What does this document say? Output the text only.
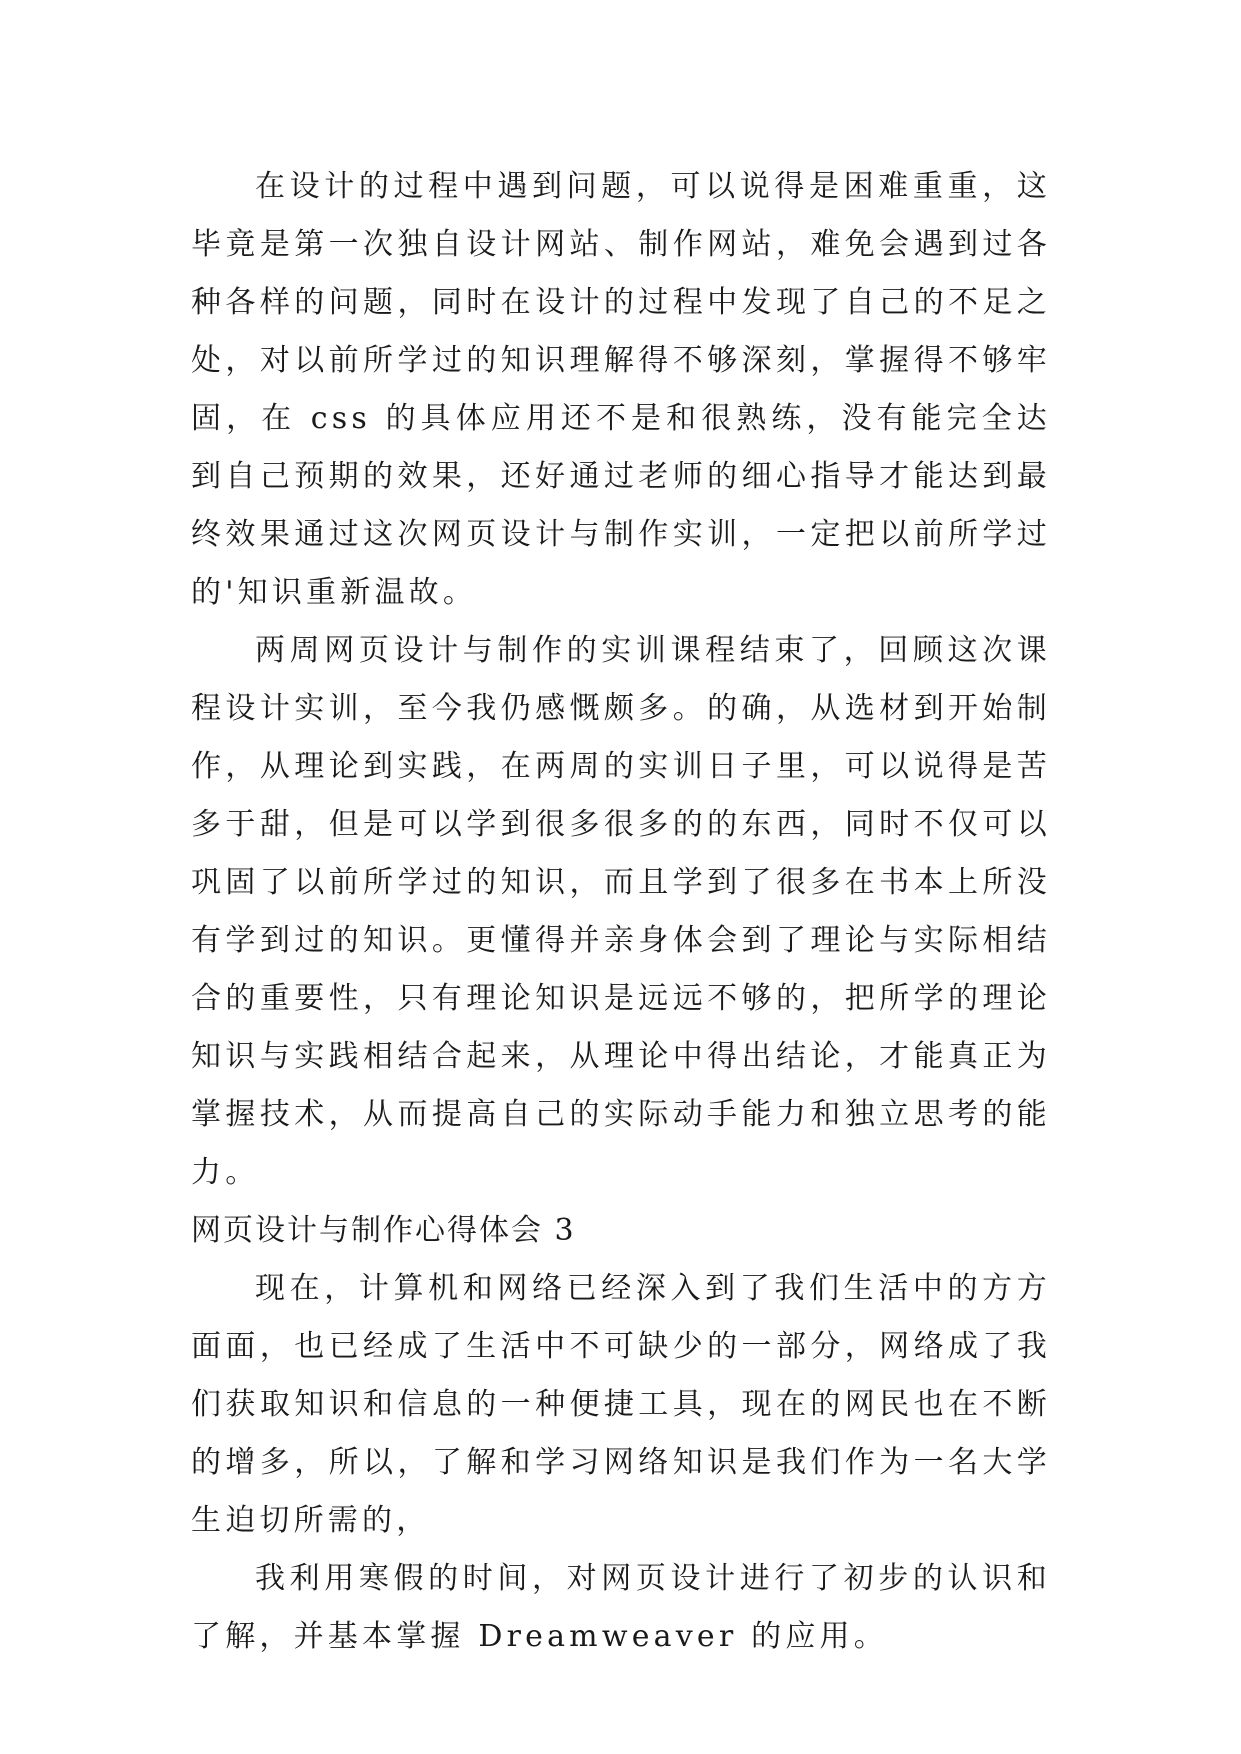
在设计的过程中遇到问题，可以说得是困难重重，这毕竟是第一次独自设计网站、制作网站，难免会遇到过各种各样的问题，同时在设计的过程中发现了自己的不足之处，对以前所学过的知识理解得不够深刻，掌握得不够牢固，在 css 的具体应用还不是和很熟练，没有能完全达到自己预期的效果，还好通过老师的细心指导才能达到最终效果通过这次网页设计与制作实训，一定把以前所学过的'知识重新温故。

两周网页设计与制作的实训课程结束了，回顾这次课程设计实训，至今我仍感慨颇多。的确，从选材到开始制作，从理论到实践，在两周的实训日子里，可以说得是苦多于甜，但是可以学到很多很多的的东西，同时不仅可以巩固了以前所学过的知识，而且学到了很多在书本上所没有学到过的知识。更懂得并亲身体会到了理论与实际相结合的重要性，只有理论知识是远远不够的，把所学的理论知识与实践相结合起来，从理论中得出结论，才能真正为掌握技术，从而提高自己的实际动手能力和独立思考的能力。

网页设计与制作心得体会 3

现在，计算机和网络已经深入到了我们生活中的方方面面，也已经成了生活中不可缺少的一部分，网络成了我们获取知识和信息的一种便捷工具，现在的网民也在不断的增多，所以，了解和学习网络知识是我们作为一名大学生迫切所需的，

我利用寒假的时间，对网页设计进行了初步的认识和了解，并基本掌握 Dreamweaver 的应用。
